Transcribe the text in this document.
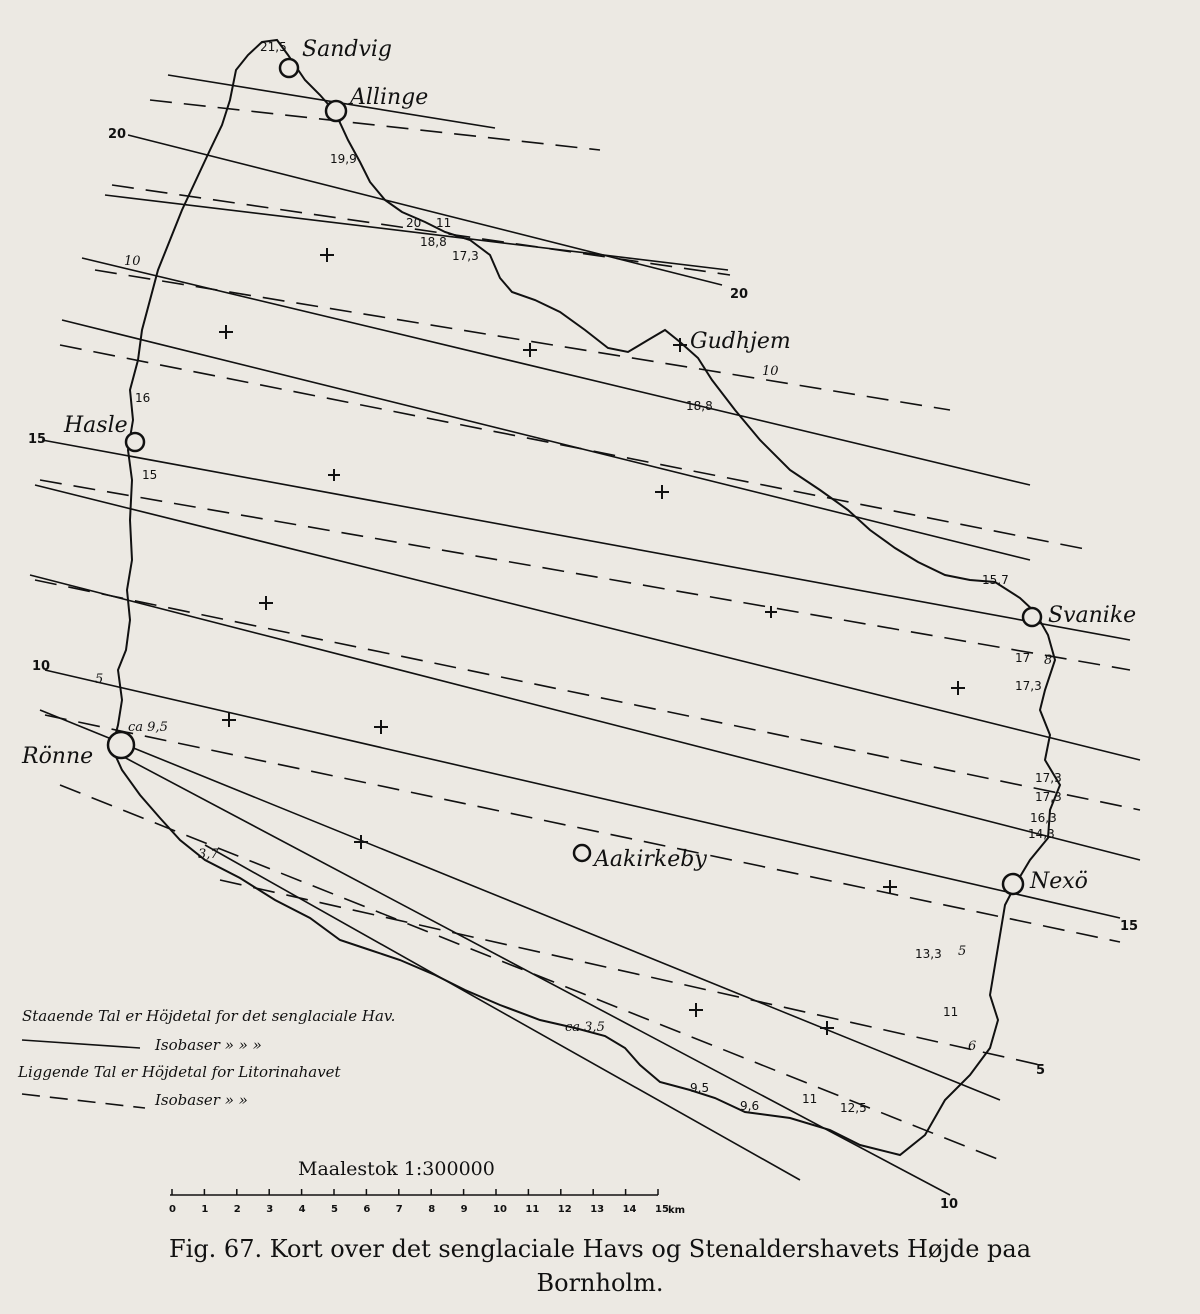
Sandvig
Allinge
Gudhjem
Hasle
Svanike
Rönne
Aakirkeby
Nexö
21,5
19,9
20 11
18,8
17,3
16
15
18,8
15,7
17 8
17,3
17,3
17,3
16,3
14,3
ca 9,5
5
3,7
13,3 5
11
6
ca 3,5
9,5
9,6	11
12,5
10
10
20
20
15
10
15
10
5
Staaende Tal er Höjdetal for det senglaciale Hav.
Isobaser » » »
Liggende Tal er Höjdetal for Litorinahavet
Isobaser » »
Maalestok 1:300000
0	1	2	3	4	5	6	7	8	9	10 11 12 13 14 15 km
Fig. 67. Kort over det senglaciale Havs og Stenaldershavets Højde paa
Bornholm.
